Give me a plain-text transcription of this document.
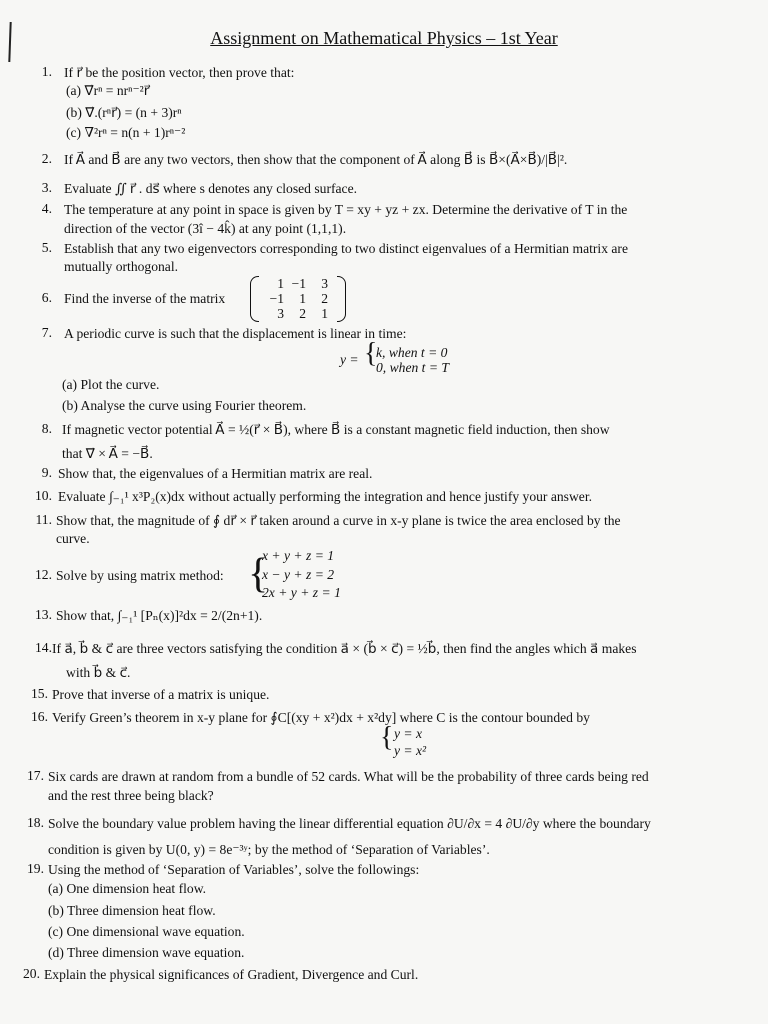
Assignment on Mathematical Physics – 1st Year
1. If r⃗ be the position vector, then prove that:
(a) ∇⃗rⁿ = nrⁿ⁻²r⃗
(b) ∇⃗.(rⁿr⃗) = (n + 3)rⁿ
(c) ∇²rⁿ = n(n + 1)rⁿ⁻²
2. If A⃗ and B⃗ are any two vectors, then show that the component of A⃗ along B⃗ is B⃗×(A⃗×B⃗)/|B⃗|².
3. Evaluate ∬ r⃗ . ds⃗ where s denotes any closed surface.
4. The temperature at any point in space is given by T = xy + yz + zx. Determine the derivative of T in the
direction of the vector (3î − 4k̂) at any point (1,1,1).
5. Establish that any two eigenvectors corresponding to two distinct eigenvalues of a Hermitian matrix are
mutually orthogonal.
6. Find the inverse of the matrix
1 −1 3
−1 1 2
3 2 1
7. A periodic curve is such that the displacement is linear in time:
y = {
k, when t = 0
0, when t = T
(a) Plot the curve.
(b) Analyse the curve using Fourier theorem.
8. If magnetic vector potential A⃗ = ½(r⃗ × B⃗), where B⃗ is a constant magnetic field induction, then show
that ∇⃗ × A⃗ = −B⃗.
9. Show that, the eigenvalues of a Hermitian matrix are real.
10. Evaluate ∫₋₁¹ x³P₂(x)dx without actually performing the integration and hence justify your answer.
11. Show that, the magnitude of ∮ dr⃗ × r⃗ taken around a curve in x-y plane is twice the area enclosed by the
curve.
12. Solve by using matrix method: {
x + y + z = 1
x − y + z = 2
2x + y + z = 1
13. Show that, ∫₋₁¹ [Pₙ(x)]²dx = 2/(2n+1).
14. If a⃗, b⃗ & c⃗ are three vectors satisfying the condition a⃗ × (b⃗ × c⃗) = ½b⃗, then find the angles which a⃗ makes
with b⃗ & c⃗.
15. Prove that inverse of a matrix is unique.
16. Verify Green’s theorem in x-y plane for ∮C[(xy + x²)dx + x²dy] where C is the contour bounded by
{ y = x
y = x²
17. Six cards are drawn at random from a bundle of 52 cards. What will be the probability of three cards being red
and the rest three being black?
18. Solve the boundary value problem having the linear differential equation ∂U/∂x = 4 ∂U/∂y where the boundary
condition is given by U(0, y) = 8e⁻³ʸ; by the method of ‘Separation of Variables’.
19. Using the method of ‘Separation of Variables’, solve the followings:
(a) One dimension heat flow.
(b) Three dimension heat flow.
(c) One dimensional wave equation.
(d) Three dimension wave equation.
20. Explain the physical significances of Gradient, Divergence and Curl.
